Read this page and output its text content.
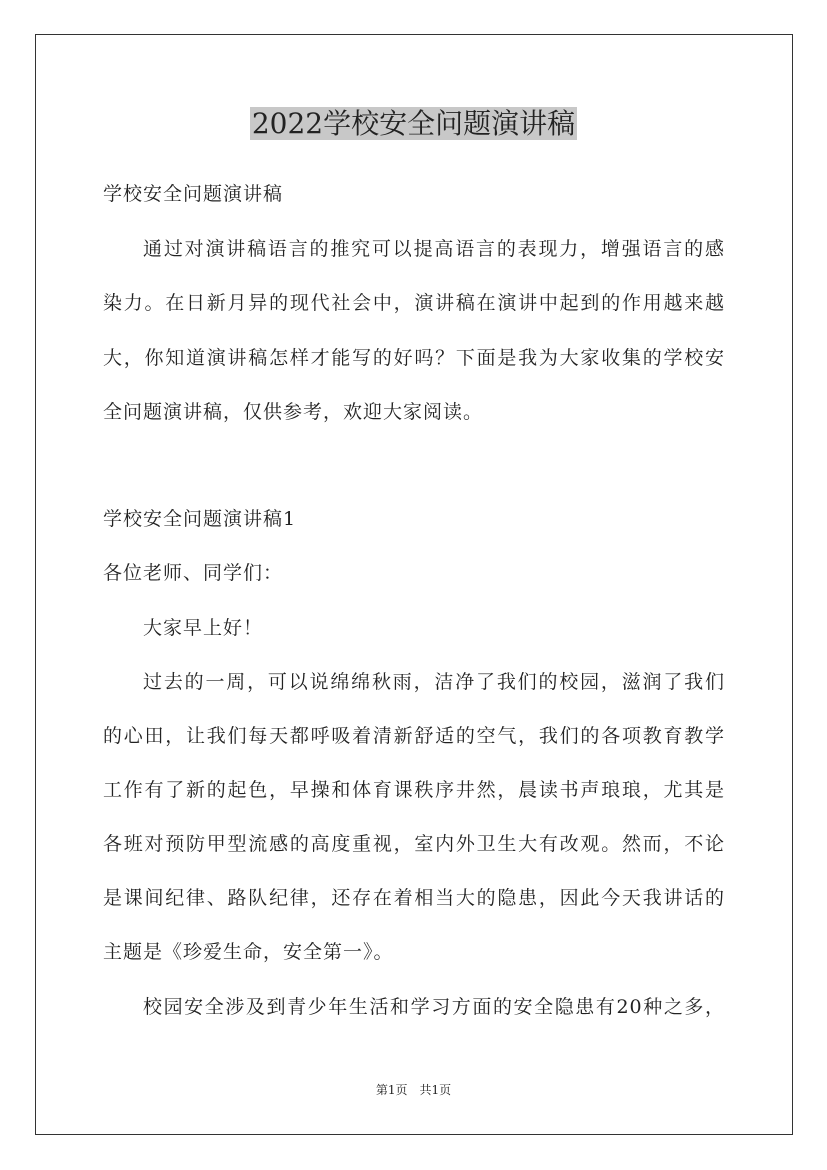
2022学校安全问题演讲稿

学校安全问题演讲稿

通过对演讲稿语言的推究可以提高语言的表现力，增强语言的感

染力。在日新月异的现代社会中，演讲稿在演讲中起到的作用越来越

大，你知道演讲稿怎样才能写的好吗？下面是我为大家收集的学校安

全问题演讲稿，仅供参考，欢迎大家阅读。

学校安全问题演讲稿1

各位老师、同学们：

大家早上好！

过去的一周，可以说绵绵秋雨，洁净了我们的校园，滋润了我们

的心田，让我们每天都呼吸着清新舒适的空气，我们的各项教育教学

工作有了新的起色，早操和体育课秩序井然，晨读书声琅琅，尤其是

各班对预防甲型流感的高度重视，室内外卫生大有改观。然而，不论

是课间纪律、路队纪律，还存在着相当大的隐患，因此今天我讲话的

主题是《珍爱生命，安全第一》。

校园安全涉及到青少年生活和学习方面的安全隐患有20种之多，

第1页　共1页
